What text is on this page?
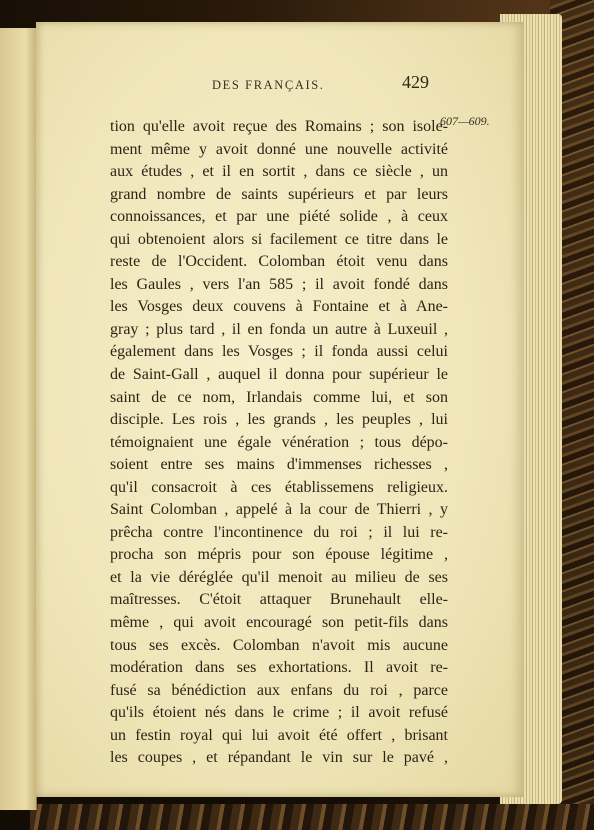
DES FRANÇAIS.	429
607—609.
tion qu'elle avoit reçue des Romains ; son isole-
ment même y avoit donné une nouvelle activité
aux études , et il en sortit , dans ce siècle , un
grand nombre de saints supérieurs et par leurs
connoissances, et par une piété solide , à ceux
qui obtenoient alors si facilement ce titre dans le
reste de l'Occident. Colomban étoit venu dans
les Gaules , vers l'an 585 ; il avoit fondé dans
les Vosges deux couvens à Fontaine et à Ane-
gray ; plus tard , il en fonda un autre à Luxeuil ,
également dans les Vosges ; il fonda aussi celui
de Saint-Gall , auquel il donna pour supérieur le
saint de ce nom, Irlandais comme lui, et son
disciple. Les rois , les grands , les peuples , lui
témoignaient une égale vénération ; tous dépo-
soient entre ses mains d'immenses richesses ,
qu'il consacroit à ces établissemens religieux.
Saint Colomban , appelé à la cour de Thierri , y
prêcha contre l'incontinence du roi ; il lui re-
procha son mépris pour son épouse légitime ,
et la vie déréglée qu'il menoit au milieu de ses
maîtresses. C'étoit attaquer Brunehault elle-
même , qui avoit encouragé son petit-fils dans
tous ses excès. Colomban n'avoit mis aucune
modération dans ses exhortations. Il avoit re-
fusé sa bénédiction aux enfans du roi , parce
qu'ils étoient nés dans le crime ; il avoit refusé
un festin royal qui lui avoit été offert , brisant
les coupes , et répandant le vin sur le pavé ,
